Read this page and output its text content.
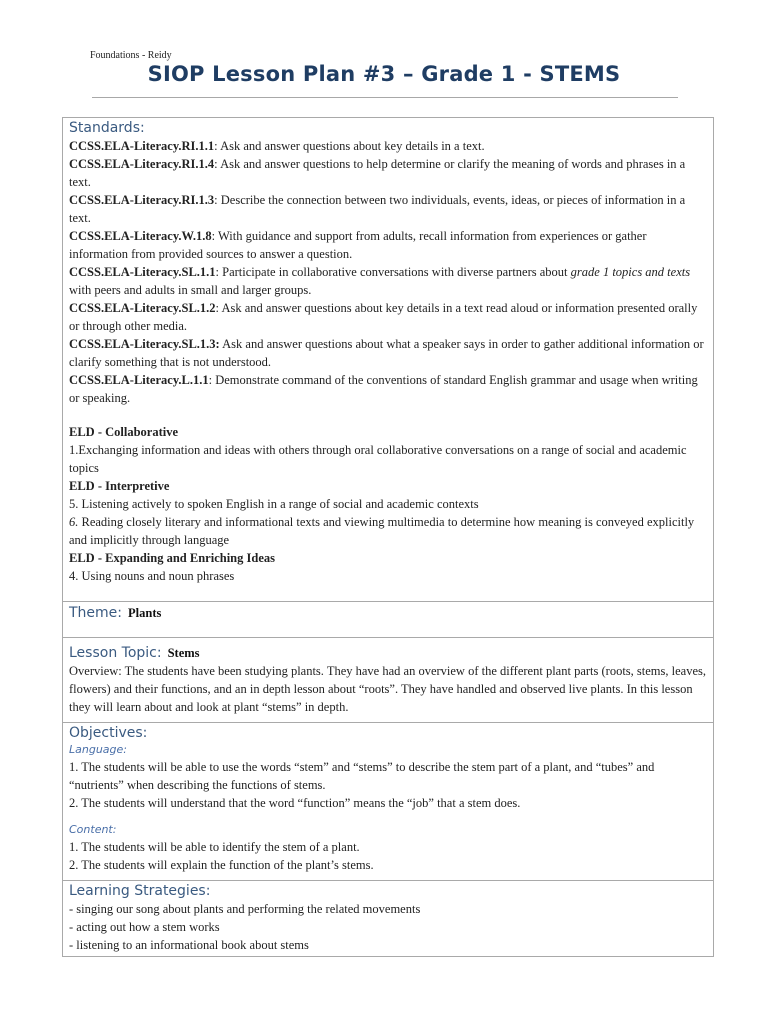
Foundations - Reidy
SIOP Lesson Plan #3 – Grade 1 - STEMS
Standards:

CCSS.ELA-Literacy.RI.1.1: Ask and answer questions about key details in a text.

CCSS.ELA-Literacy.RI.1.4: Ask and answer questions to help determine or clarify the meaning of words and phrases in a text.

CCSS.ELA-Literacy.RI.1.3: Describe the connection between two individuals, events, ideas, or pieces of information in a text.

CCSS.ELA-Literacy.W.1.8: With guidance and support from adults, recall information from experiences or gather information from provided sources to answer a question.

CCSS.ELA-Literacy.SL.1.1: Participate in collaborative conversations with diverse partners about grade 1 topics and texts with peers and adults in small and larger groups.

CCSS.ELA-Literacy.SL.1.2: Ask and answer questions about key details in a text read aloud or information presented orally or through other media.

CCSS.ELA-Literacy.SL.1.3: Ask and answer questions about what a speaker says in order to gather additional information or clarify something that is not understood.

CCSS.ELA-Literacy.L.1.1: Demonstrate command of the conventions of standard English grammar and usage when writing or speaking.

ELD - Collaborative

1.Exchanging information and ideas with others through oral collaborative conversations on a range of social and academic topics

ELD - Interpretive

5. Listening actively to spoken English in a range of social and academic contexts

6. Reading closely literary and informational texts and viewing multimedia to determine how meaning is conveyed explicitly and implicitly through language

ELD - Expanding and Enriching Ideas

4. Using nouns and noun phrases

Theme: Plants
Lesson Topic: Stems

Overview: The students have been studying plants. They have had an overview of the different plant parts (roots, stems, leaves, flowers) and their functions, and an in depth lesson about “roots”. They have handled and observed live plants. In this lesson they will learn about and look at plant “stems” in depth.

Objectives:
Language:

1. The students will be able to use the words “stem” and “stems” to describe the stem part of a plant, and “tubes” and “nutrients” when describing the functions of stems.

2. The students will understand that the word “function” means the “job” that a stem does.

Content:

1. The students will be able to identify the stem of a plant.

2. The students will explain the function of the plant’s stems.

Learning Strategies:

- singing our song about plants and performing the related movements

- acting out how a stem works

- listening to an informational book about stems
